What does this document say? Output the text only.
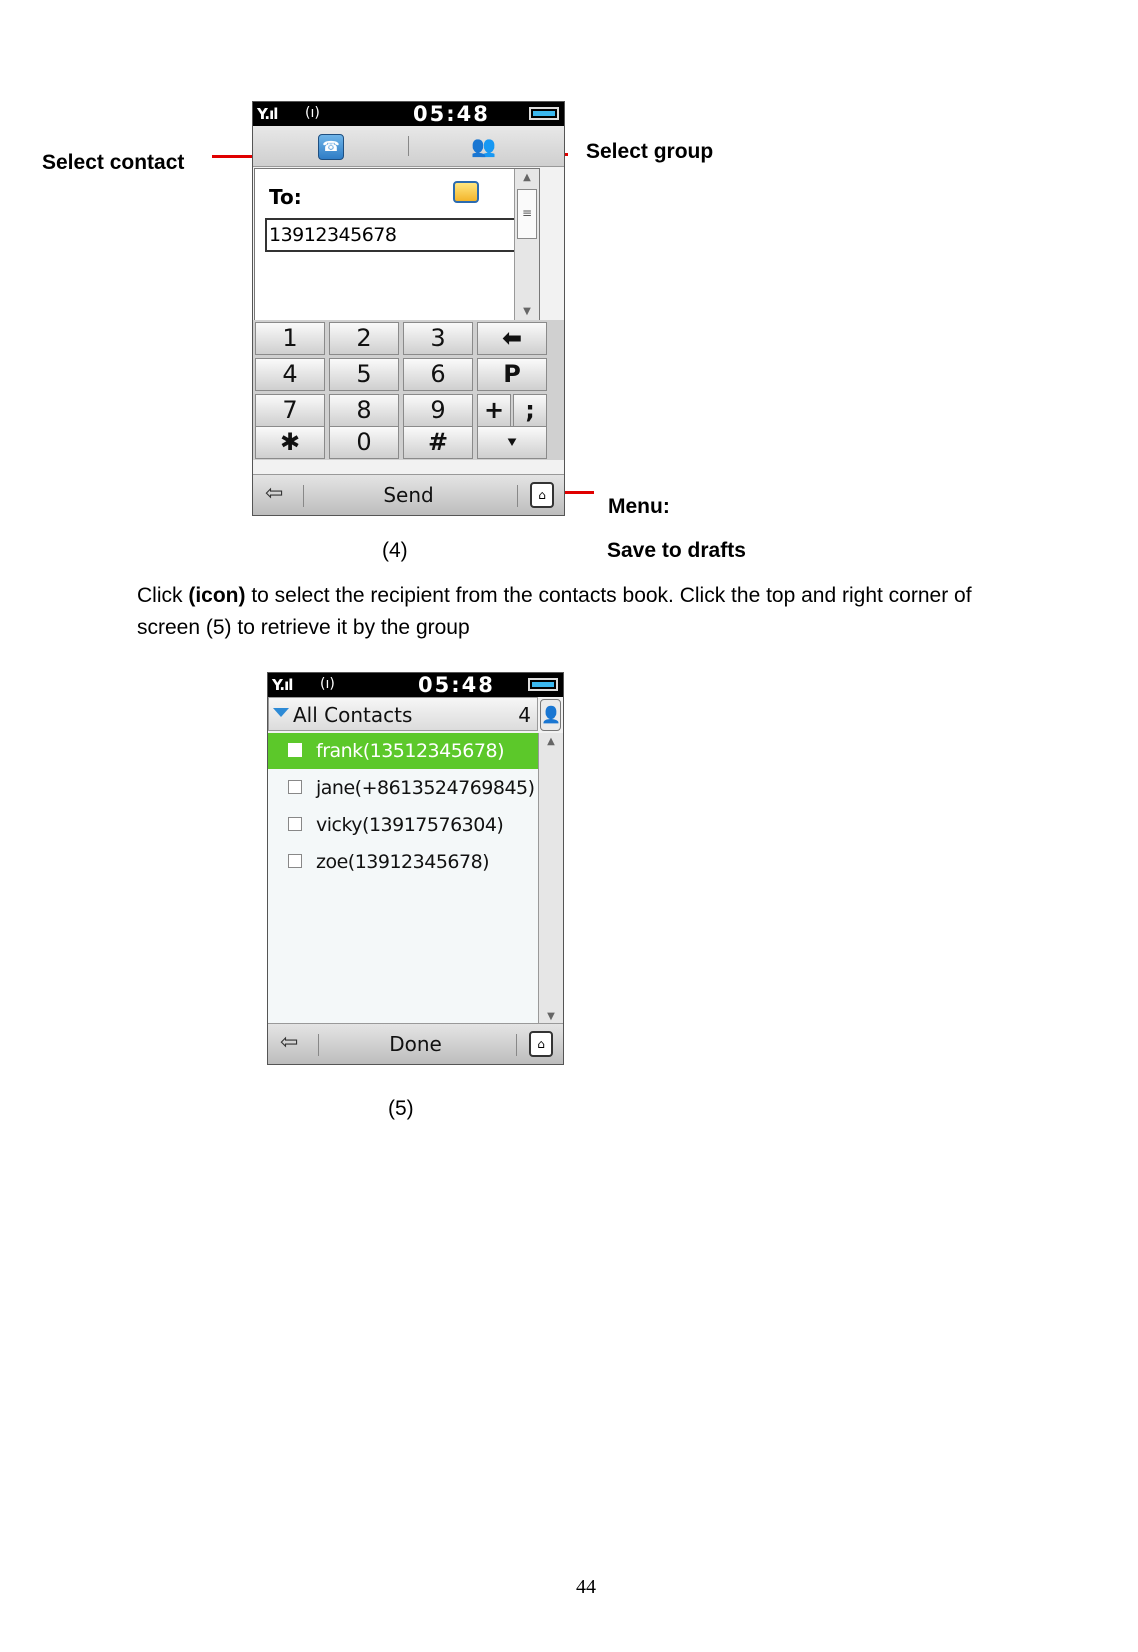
Select contact	Select group
Menu:
Save to drafts
Y.ıl (ı)	05:48
☎	👥
To:
13912345678
▲
≡
▼
1	2	3	⬅
4	5	6	P
7	8	9	+ ;
✱	0	#	⯆
⇦	Send	⌂
(4)
Click (icon) to select the recipient from the contacts book. Click the top and right corner of screen (5) to retrieve it by the group
Y.ıl (ı)	05:48
All Contacts	4 👤
frank(13512345678)
jane(+8613524769845)
vicky(13917576304)
zoe(13912345678)
▲
▼
⇦	Done	⌂
(5)
44
